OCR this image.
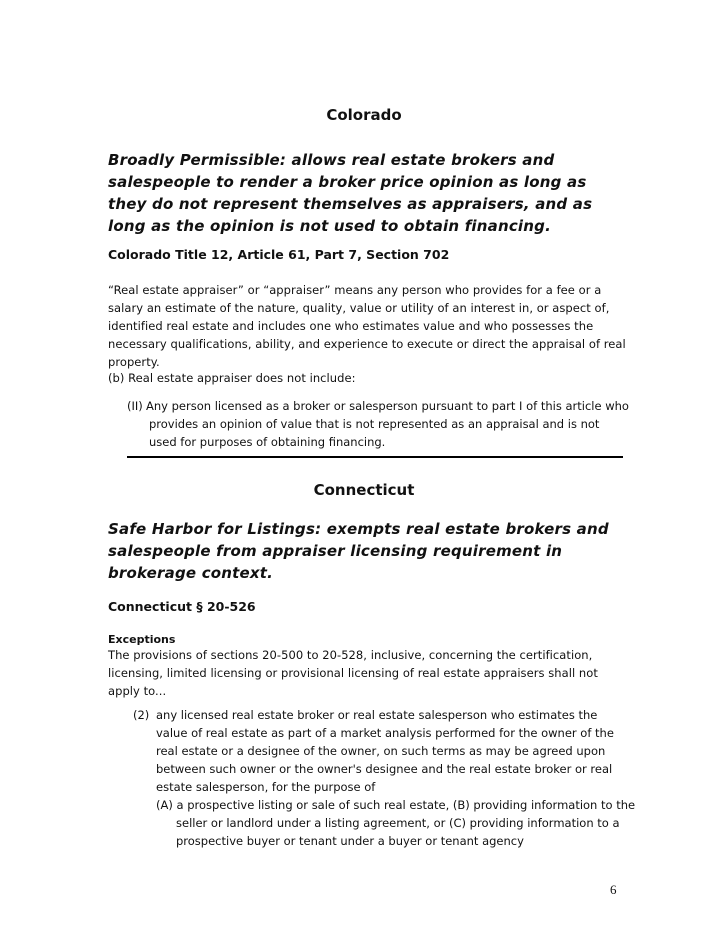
Colorado

Broadly Permissible: allows real estate brokers and salespeople to render a broker price opinion as long as they do not represent themselves as appraisers, and as long as the opinion is not used to obtain financing.

Colorado Title 12, Article 61, Part 7, Section 702

“Real estate appraiser” or “appraiser” means any person who provides for a fee or a salary an estimate of the nature, quality, value or utility of an interest in, or aspect of, identified real estate and includes one who estimates value and who possesses the necessary qualifications, ability, and experience to execute or direct the appraisal of real property.

(b) Real estate appraiser does not include:

(II) Any person licensed as a broker or salesperson pursuant to part I of this article who provides an opinion of value that is not represented as an appraisal and is not used for purposes of obtaining financing.

Connecticut

Safe Harbor for Listings: exempts real estate brokers and salespeople from appraiser licensing requirement in brokerage context.

Connecticut § 20-526

Exceptions

The provisions of sections 20-500 to 20-528, inclusive, concerning the certification, licensing, limited licensing or provisional licensing of real estate appraisers shall not apply to...

(2) any licensed real estate broker or real estate salesperson who estimates the value of real estate as part of a market analysis performed for the owner of the real estate or a designee of the owner, on such terms as may be agreed upon between such owner or the owner's designee and the real estate broker or real estate salesperson, for the purpose of

(A) a prospective listing or sale of such real estate, (B) providing information to the seller or landlord under a listing agreement, or (C) providing information to a prospective buyer or tenant under a buyer or tenant agency

6
